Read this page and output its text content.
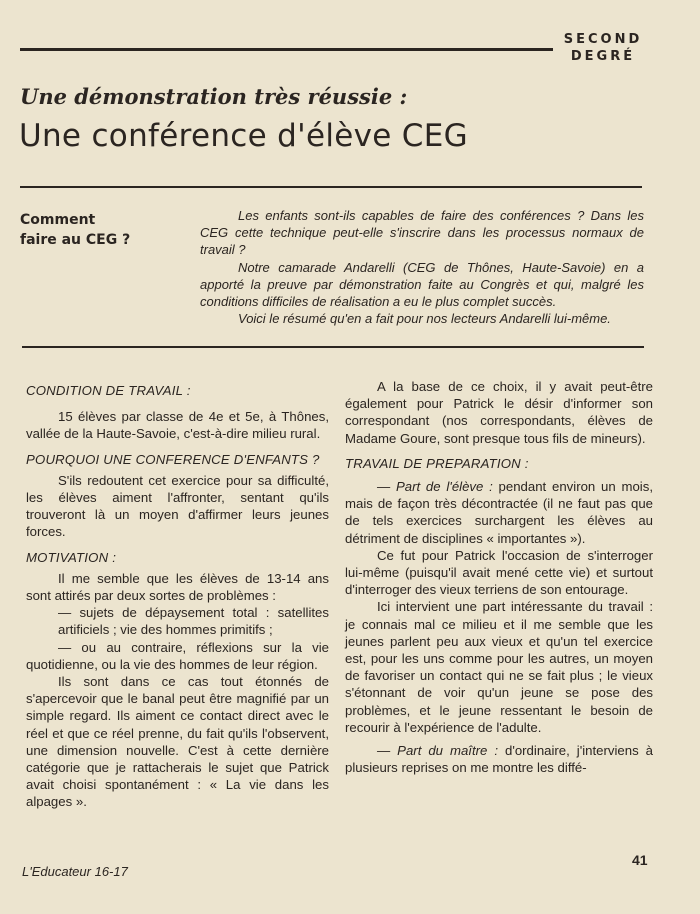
SECOND
DEGRÉ
Une démonstration très réussie :
Une conférence d'élève CEG
Comment
faire au CEG ?

Les enfants sont-ils capables de faire des conférences ? Dans les CEG cette technique peut-elle s'inscrire dans les processus normaux de travail ?

Notre camarade Andarelli (CEG de Thônes, Haute-Savoie) en a apporté la preuve par démonstration faite au Congrès et qui, malgré les conditions difficiles de réalisation a eu le plus complet succès.

Voici le résumé qu'en a fait pour nos lecteurs Andarelli lui-même.

CONDITION DE TRAVAIL :

15 élèves par classe de 4e et 5e, à Thônes, vallée de la Haute-Savoie, c'est-à-dire milieu rural.

POURQUOI UNE CONFERENCE D'ENFANTS ?

S'ils redoutent cet exercice pour sa difficulté, les élèves aiment l'affronter, sentant qu'ils trouveront là un moyen d'affirmer leurs jeunes forces.

MOTIVATION :

Il me semble que les élèves de 13-14 ans sont attirés par deux sortes de problèmes :

— sujets de dépaysement total : satellites artificiels ; vie des hommes primitifs ;

— ou au contraire, réflexions sur la vie quotidienne, ou la vie des hommes de leur région.

Ils sont dans ce cas tout étonnés de s'apercevoir que le banal peut être magnifié par un simple regard. Ils aiment ce contact direct avec le réel et que ce réel prenne, du fait qu'ils l'observent, une dimension nouvelle. C'est à cette dernière catégorie que je rattacherais le sujet que Patrick avait choisi spontanément : « La vie dans les alpages ».

A la base de ce choix, il y avait peut-être également pour Patrick le désir d'informer son correspondant (nos correspondants, élèves de Madame Goure, sont presque tous fils de mineurs).

TRAVAIL DE PREPARATION :

— Part de l'élève : pendant environ un mois, mais de façon très décontractée (il ne faut pas que de tels exercices surchargent les élèves au détriment de disciplines « importantes »).

Ce fut pour Patrick l'occasion de s'interroger lui-même (puisqu'il avait mené cette vie) et surtout d'interroger des vieux terriens de son entourage.

Ici intervient une part intéressante du travail : je connais mal ce milieu et il me semble que les jeunes parlent peu aux vieux et qu'un tel exercice est, pour les uns comme pour les autres, un moyen de favoriser un contact qui ne se fait plus ; le vieux s'étonnant de voir qu'un jeune se pose des problèmes, et le jeune ressentant le besoin de recourir à l'expérience de l'adulte.

— Part du maître : d'ordinaire, j'interviens à plusieurs reprises on me montre les diffé-

L'Educateur 16-17
41
